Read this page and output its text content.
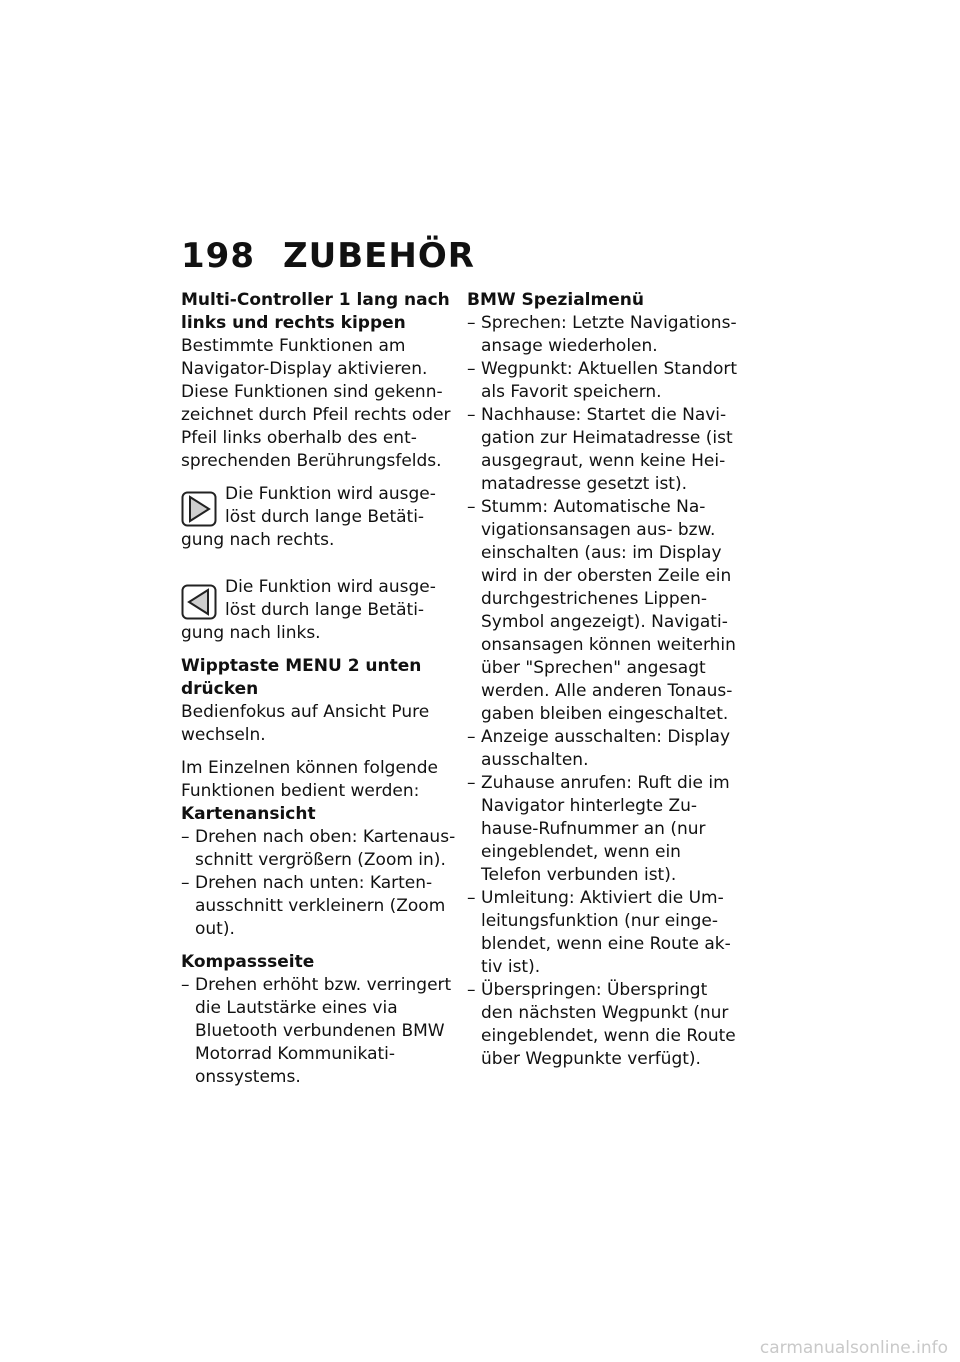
198 ZUBEHÖR

Multi-Controller 1 lang nach links und rechts kippen

Bestimmte Funktionen am Navigator-Display aktivieren. Diese Funktionen sind gekennzeichnet durch Pfeil rechts oder Pfeil links oberhalb des entsprechenden Berührungsfelds.

Die Funktion wird ausgelöst durch lange Betäti-
gung nach rechts.
Die Funktion wird ausgelöst durch lange Betäti-
gung nach links.

Wipptaste MENU 2 unten drücken

Bedienfokus auf Ansicht Pure wechseln.

Im Einzelnen können folgende Funktionen bedient werden:

Kartenansicht

– Drehen nach oben: Kartenausschnitt vergrößern (Zoom in).
– Drehen nach unten: Kartenausschnitt verkleinern (Zoom out).

Kompassseite

– Drehen erhöht bzw. verringert die Lautstärke eines via Bluetooth verbundenen BMW Motorrad Kommunikationssystems.

BMW Spezialmenü

– Sprechen: Letzte Navigationsansage wiederholen.
– Wegpunkt: Aktuellen Standort als Favorit speichern.
– Nachhause: Startet die Navigation zur Heimatadresse (ist ausgegraut, wenn keine Heimatadresse gesetzt ist).
– Stumm: Automatische Navigationsansagen aus- bzw. einschalten (aus: im Display wird in der obersten Zeile ein durchgestrichenes Lippen-Symbol angezeigt). Navigationsansagen können weiterhin über "Sprechen" angesagt werden. Alle anderen Tonausgaben bleiben eingeschaltet.
– Anzeige ausschalten: Display ausschalten.
– Zuhause anrufen: Ruft die im Navigator hinterlegte Zuhause-Rufnummer an (nur eingeblendet, wenn ein Telefon verbunden ist).
– Umleitung: Aktiviert die Umleitungsfunktion (nur eingeblendet, wenn eine Route aktiv ist).
– Überspringen: Überspringt den nächsten Wegpunkt (nur eingeblendet, wenn die Route über Wegpunkte verfügt).
carmanualsonline.info
